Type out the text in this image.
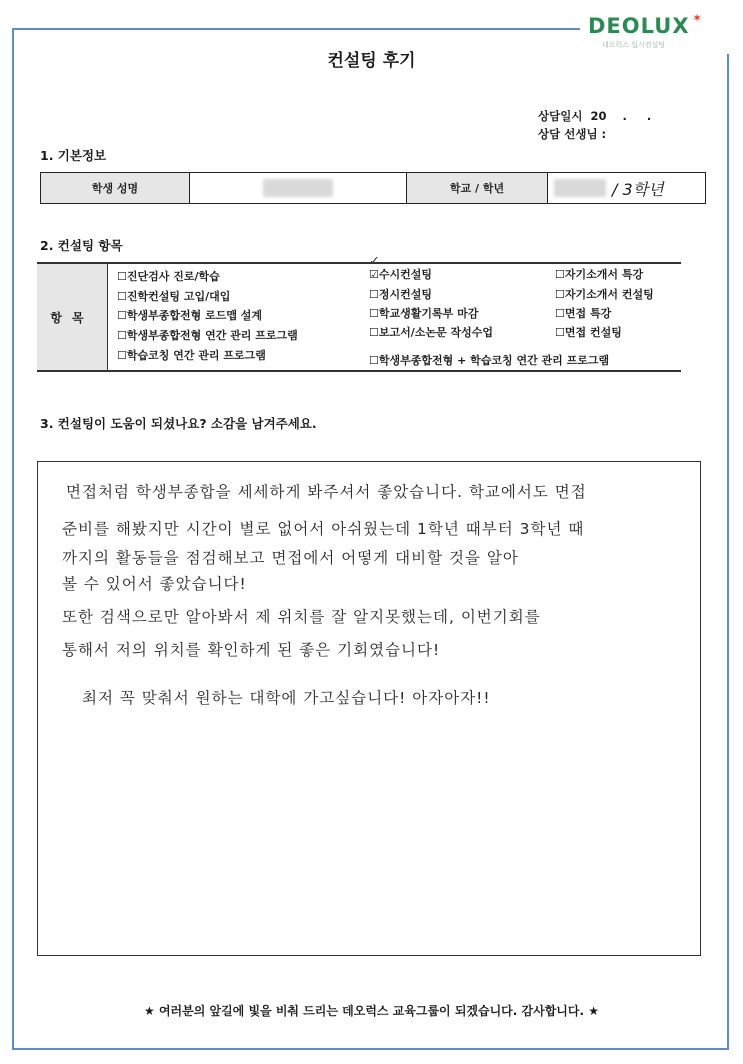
DEOLUX ✶
데오럭스 입시컨설팅
컨설팅 후기
상담일시  20    .     .
상담 선생님 :
1. 기본정보
학생 성명	학교 / 학년	/ 3학년
2. 컨설팅 항목
항목
✓
☐진단검사 진로/학습
☐진학컨설팅 고입/대입
☐학생부종합전형 로드맵 설계
☐학생부종합전형 연간 관리 프로그램
☐학습코칭 연간 관리 프로그램
☑수시컨설팅
☐정시컨설팅
☐학교생활기록부 마감
☐보고서/소논문 작성수업
☐학생부종합전형 + 학습코칭 연간 관리 프로그램
☐자기소개서 특강
☐자기소개서 컨설팅
☐면접 특강
☐면접 컨설팅
3. 컨설팅이 도움이 되셨나요? 소감을 남겨주세요.
면접처럼 학생부종합을 세세하게 봐주셔서 좋았습니다. 학교에서도 면접
준비를 해봤지만 시간이 별로 없어서 아쉬웠는데 1학년 때부터 3학년 때
까지의 활동들을 점검해보고 면접에서 어떻게 대비할 것을 알아
볼 수 있어서 좋았습니다!
또한 검색으로만 알아봐서 제 위치를 잘 알지못했는데, 이번기회를
통해서 저의 위치를 확인하게 된 좋은 기회였습니다!
최저 꼭 맞춰서 원하는 대학에 가고싶습니다! 아자아자!!
★ 여러분의 앞길에 빛을 비춰 드리는 데오럭스 교육그룹이 되겠습니다. 감사합니다. ★
